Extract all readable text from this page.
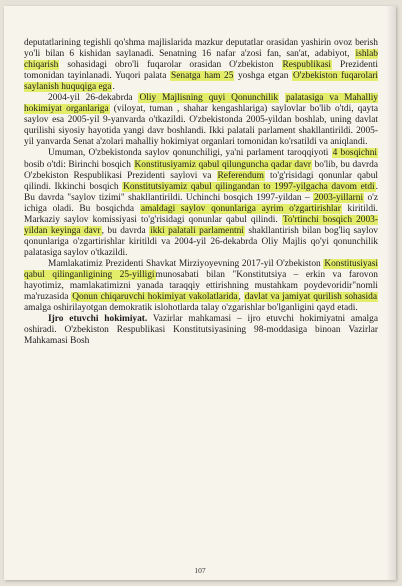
deputatlarining tegishli qo'shma majlislarida mazkur deputatlar orasidan yashirin ovoz berish yo'li bilan 6 kishidan saylanadi. Senatning 16 nafar a'zosi fan, san'at, adabiyot, ishlab chiqarish sohasidagi obro'li fuqarolar orasidan O'zbekiston Respublikasi Prezidenti tomonidan tayinlanadi. Yuqori palata Senatga ham 25 yoshga etgan O'zbekiston fuqarolari saylanish huquqiga ega.

2004-yil 26-dekabrda Oliy Majlisning quyi Qonunchilik palatasiga va Mahalliy hokimiyat organlariga (viloyat, tuman , shahar kengashlariga) saylovlar bo'lib o'tdi, qayta saylov esa 2005-yil 9-yanvarda o'tkazildi. O'zbekistonda 2005-yildan boshlab, uning davlat qurilishi siyosiy hayotida yangi davr boshlandi. Ikki palatali parlament shakllantirildi. 2005-yil yanvarda Senat a'zolari mahalliy hokimiyat organlari tomonidan ko'rsatildi va aniqlandi.

Umuman, O'zbekistonda saylov qonunchiligi, ya'ni parlament taroqqiyoti 4 bosqichni bosib o'tdi: Birinchi bosqich Konstitusiyamiz qabul qilunguncha qadar davr bo'lib, bu davrda O'zbekiston Respublikasi Prezidenti saylovi va Referendum to'g'risidagi qonunlar qabul qilindi. Ikkinchi bosqich Konstitutsiyamiz qabul qilingandan to 1997-yilgacha davom etdi. Bu davrda "saylov tizimi" shakllantirildi. Uchinchi bosqich 1997-yildan – 2003-yillarni o'z ichiga oladi. Bu bosqichda amaldagi saylov qonunlariga ayrim o'zgartirishlar kiritildi. Markaziy saylov komissiyasi to'g'risidagi qonunlar qabul qilindi. To'rtinchi bosqich 2003-yildan keyinga davr, bu davrda ikki palatali parlamentni shakllantirish bilan bog'liq saylov qonunlariga o'zgartirishlar kiritildi va 2004-yil 26-dekabrda Oliy Majlis qo'yi qonunchilik palatasiga saylov o'tkazildi.

Mamlakatimiz Prezidenti Shavkat Mirziyoyevning 2017-yil O'zbekiston Konstitusiyasi qabul qilinganligining 25-yilligimunosabati bilan "Konstitutsiya – erkin va farovon hayotimiz, mamlakatimizni yanada taraqqiy ettirishning mustahkam poydevoridir"nomli ma'ruzasida Qonun chiqaruvchi hokimiyat vakolatlarida, davlat va jamiyat qurilish sohasida amalga oshirilayotgan demokratik islohotlarda talay o'zgarishlar bo'lganligini qayd etadi.

Ijro etuvchi hokimiyat. Vazirlar mahkamasi – ijro etuvchi hokimiyatni amalga oshiradi. O'zbekiston Respublikasi Konstitutsiyasining 98-moddasiga binoan Vazirlar Mahkamasi Bosh

107
